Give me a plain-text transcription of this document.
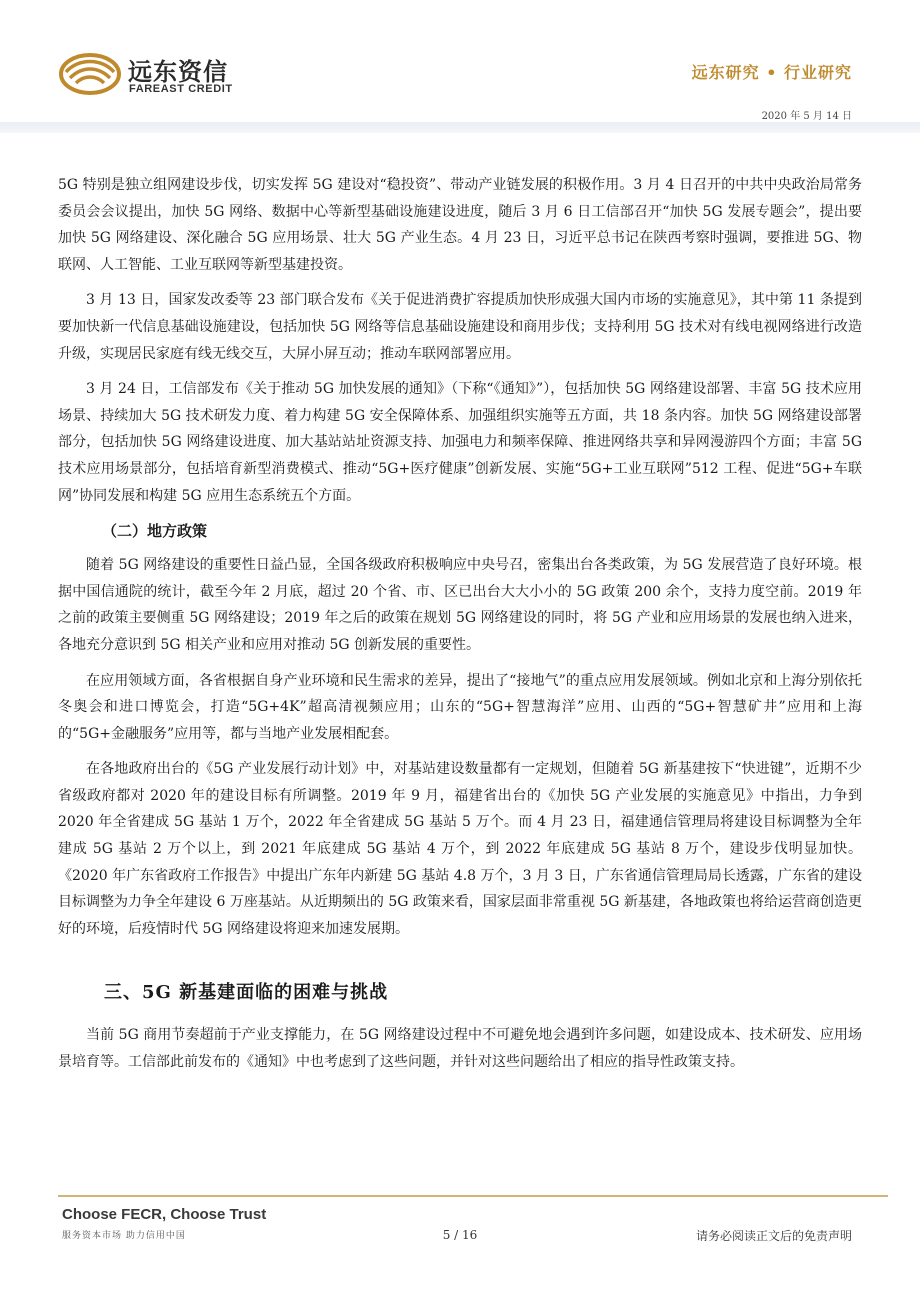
远东资信
FAREAST CREDIT
远东研究 • 行业研究
2020 年 5 月 14 日

5G 特别是独立组网建设步伐，切实发挥 5G 建设对“稳投资”、带动产业链发展的积极作用。3 月 4 日召开的中共中央政治局常务委员会会议提出，加快 5G 网络、数据中心等新型基础设施建设进度，随后 3 月 6 日工信部召开“加快 5G 发展专题会”，提出要加快 5G 网络建设、深化融合 5G 应用场景、壮大 5G 产业生态。4 月 23 日，习近平总书记在陕西考察时强调，要推进 5G、物联网、人工智能、工业互联网等新型基建投资。

3 月 13 日，国家发改委等 23 部门联合发布《关于促进消费扩容提质加快形成强大国内市场的实施意见》，其中第 11 条提到要加快新一代信息基础设施建设，包括加快 5G 网络等信息基础设施建设和商用步伐；支持利用 5G 技术对有线电视网络进行改造升级，实现居民家庭有线无线交互，大屏小屏互动；推动车联网部署应用。

3 月 24 日，工信部发布《关于推动 5G 加快发展的通知》（下称“《通知》”），包括加快 5G 网络建设部署、丰富 5G 技术应用场景、持续加大 5G 技术研发力度、着力构建 5G 安全保障体系、加强组织实施等五方面，共 18 条内容。加快 5G 网络建设部署部分，包括加快 5G 网络建设进度、加大基站站址资源支持、加强电力和频率保障、推进网络共享和异网漫游四个方面；丰富 5G 技术应用场景部分，包括培育新型消费模式、推动“5G+医疗健康”创新发展、实施“5G+工业互联网”512 工程、促进“5G+车联网”协同发展和构建 5G 应用生态系统五个方面。

（二）地方政策

随着 5G 网络建设的重要性日益凸显，全国各级政府积极响应中央号召，密集出台各类政策，为 5G 发展营造了良好环境。根据中国信通院的统计，截至今年 2 月底，超过 20 个省、市、区已出台大大小小的 5G 政策 200 余个，支持力度空前。2019 年之前的政策主要侧重 5G 网络建设；2019 年之后的政策在规划 5G 网络建设的同时，将 5G 产业和应用场景的发展也纳入进来，各地充分意识到 5G 相关产业和应用对推动 5G 创新发展的重要性。

在应用领域方面，各省根据自身产业环境和民生需求的差异，提出了“接地气”的重点应用发展领域。例如北京和上海分别依托冬奥会和进口博览会，打造“5G+4K”超高清视频应用；山东的“5G+智慧海洋”应用、山西的“5G+智慧矿井”应用和上海的“5G+金融服务”应用等，都与当地产业发展相配套。

在各地政府出台的《5G 产业发展行动计划》中，对基站建设数量都有一定规划，但随着 5G 新基建按下“快进键”，近期不少省级政府都对 2020 年的建设目标有所调整。2019 年 9 月，福建省出台的《加快 5G 产业发展的实施意见》中指出，力争到 2020 年全省建成 5G 基站 1 万个，2022 年全省建成 5G 基站 5 万个。而 4 月 23 日，福建通信管理局将建设目标调整为全年建成 5G 基站 2 万个以上，到 2021 年底建成 5G 基站 4 万个，到 2022 年底建成 5G 基站 8 万个，建设步伐明显加快。《2020 年广东省政府工作报告》中提出广东年内新建 5G 基站 4.8 万个，3 月 3 日，广东省通信管理局局长透露，广东省的建设目标调整为力争全年建设 6 万座基站。从近期频出的 5G 政策来看，国家层面非常重视 5G 新基建，各地政策也将给运营商创造更好的环境，后疫情时代 5G 网络建设将迎来加速发展期。

三、5G 新基建面临的困难与挑战

当前 5G 商用节奏超前于产业支撑能力，在 5G 网络建设过程中不可避免地会遇到许多问题，如建设成本、技术研发、应用场景培育等。工信部此前发布的《通知》中也考虑到了这些问题，并针对这些问题给出了相应的指导性政策支持。

Choose FECR, Choose Trust
服务资本市场 助力信用中国	5 / 16	请务必阅读正文后的免责声明
